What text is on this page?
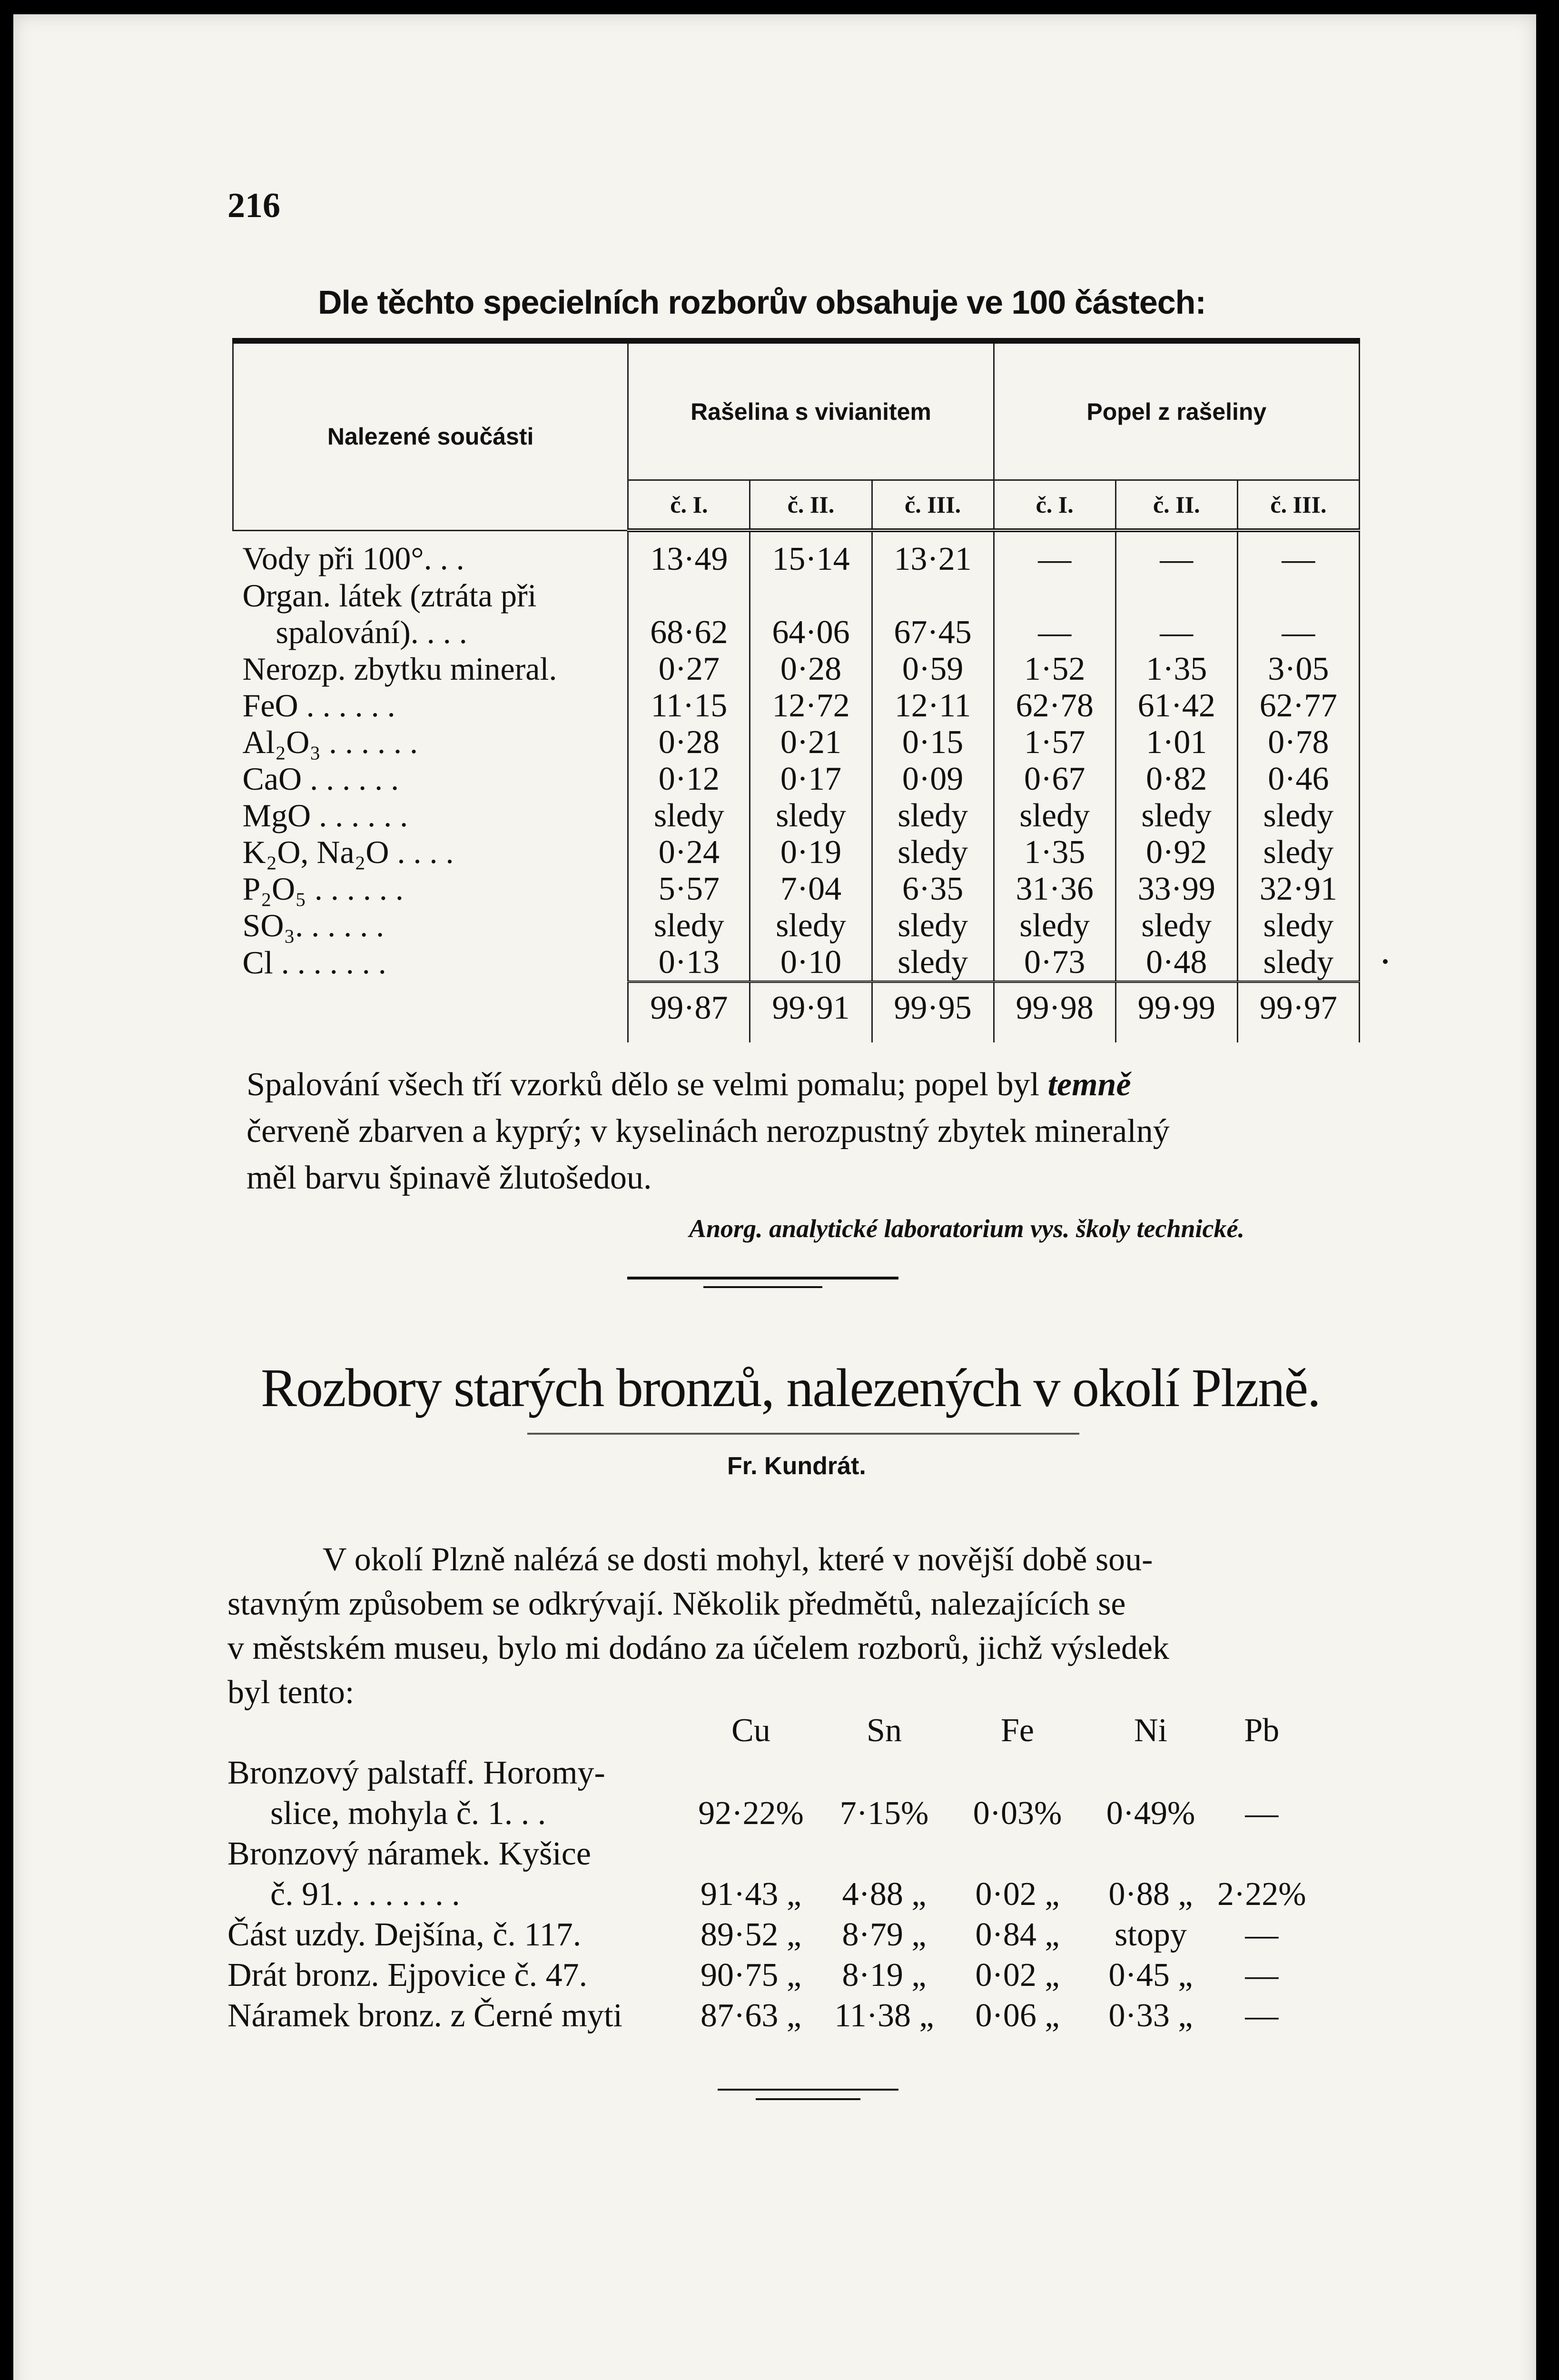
216
Dle těchto specielních rozborův obsahuje ve 100 částech:
Nalezené součásti	Rašelina s vivianitem			Popel z rašeliny		
	č. I.	č. II.	č. III.	č. I.	č. II.	č. III.
Vody při 100°. . .	13·49	15·14	13·21	—	—	—
Organ. látek (ztráta při						
spalování). . . .	68·62	64·06	67·45	—	—	—
Nerozp. zbytku mineral.	0·27	0·28	0·59	1·52	1·35	3·05
FeO . . . . . .	11·15	12·72	12·11	62·78	61·42	62·77
Al₂O₃ . . . . . .	0·28	0·21	0·15	1·57	1·01	0·78
CaO . . . . . .	0·12	0·17	0·09	0·67	0·82	0·46
MgO . . . . . .	sledy	sledy	sledy	sledy	sledy	sledy
K₂O, Na₂O . . . .	0·24	0·19	sledy	1·35	0·92	sledy
P₂O₅ . . . . . .	5·57	7·04	6·35	31·36	33·99	32·91
SO₃. . . . . .	sledy	sledy	sledy	sledy	sledy	sledy
Cl . . . . . . .	0·13	0·10	sledy	0·73	0·48	sledy
	99·87	99·91	99·95	99·98	99·99	99·97

Spalování všech tří vzorků dělo se velmi pomalu; popel byl temně
červeně zbarven a kyprý; v kyselinách nerozpustný zbytek mineralný
měl barvu špinavě žlutošedou.
Anorg. analytické laboratorium vys. školy technické.
Rozbory starých bronzů, nalezených v okolí Plzně.
Fr. Kundrát.
V okolí Plzně nalézá se dosti mohyl, které v novější době sou-
stavným způsobem se odkrývají. Několik předmětů, nalezajících se
v městském museu, bylo mi dodáno za účelem rozborů, jichž výsledek
byl tento:
	Cu	Sn	Fe	Ni	Pb
Bronzový palstaff. Horomy-					
slice, mohyla č. 1. . .	92·22%	7·15%	0·03%	0·49%	—
Bronzový náramek. Kyšice					
č. 91. . . . . . . .	91·43 „	4·88 „	0·02 „	0·88 „	2·22%
Část uzdy. Dejšína, č. 117.	89·52 „	8·79 „	0·84 „	stopy	—
Drát bronz. Ejpovice č. 47.	90·75 „	8·19 „	0·02 „	0·45 „	—
Náramek bronz. z Černé myti	87·63 „	11·38 „	0·06 „	0·33 „	—
